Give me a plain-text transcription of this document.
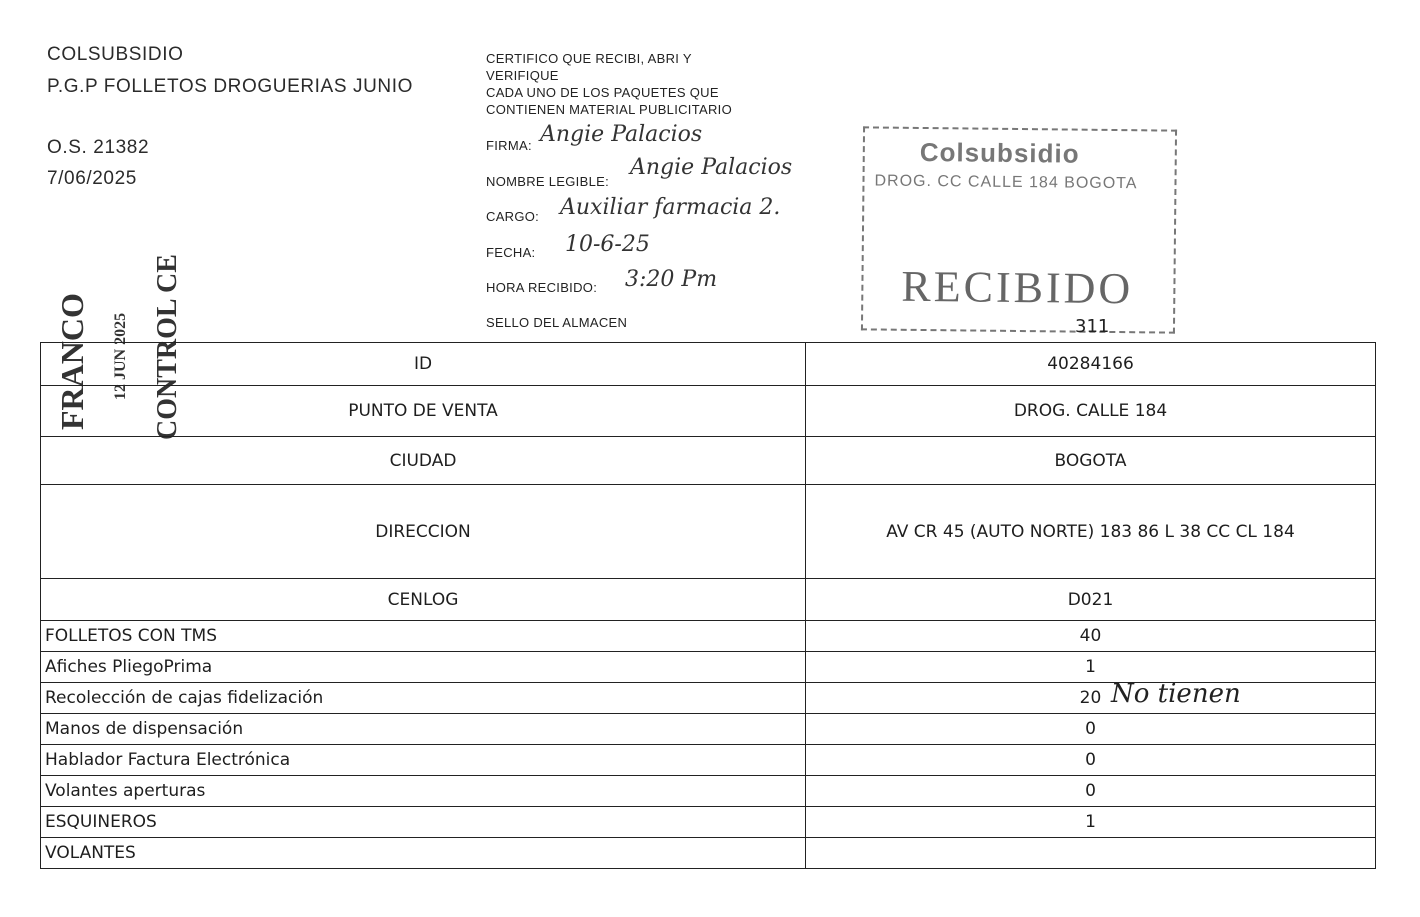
COLSUBSIDIO
P.G.P FOLLETOS DROGUERIAS JUNIO
O.S. 21382
7/06/2025
CERTIFICO QUE RECIBI, ABRI Y
VERIFIQUE
CADA UNO DE LOS PAQUETES QUE
CONTIENEN MATERIAL PUBLICITARIO
FIRMA: Angie Palacios
NOMBRE LEGIBLE:
Angie Palacios
CARGO: Auxiliar farmacia 2.
FECHA: 10-6-25
HORA RECIBIDO: 3:20 Pm
SELLO DEL ALMACEN
Colsubsidio
DROG. CC CALLE 184 BOGOTA
RECIBIDO
311
FRANCO 12 JUN 2025 CONTROL CE	ID	40284166
PUNTO DE VENTA	DROG. CALLE 184
CIUDAD	BOGOTA
DIRECCION	AV CR 45 (AUTO NORTE) 183 86 L 38 CC CL 184
CENLOG	D021
FOLLETOS CON TMS	40
Afiches PliegoPrima	1
Recolección de cajas fidelización	20 No tienen

Manos de dispensación	0
Hablador Factura Electrónica	0
Volantes aperturas	0
ESQUINEROS	1
VOLANTES	
